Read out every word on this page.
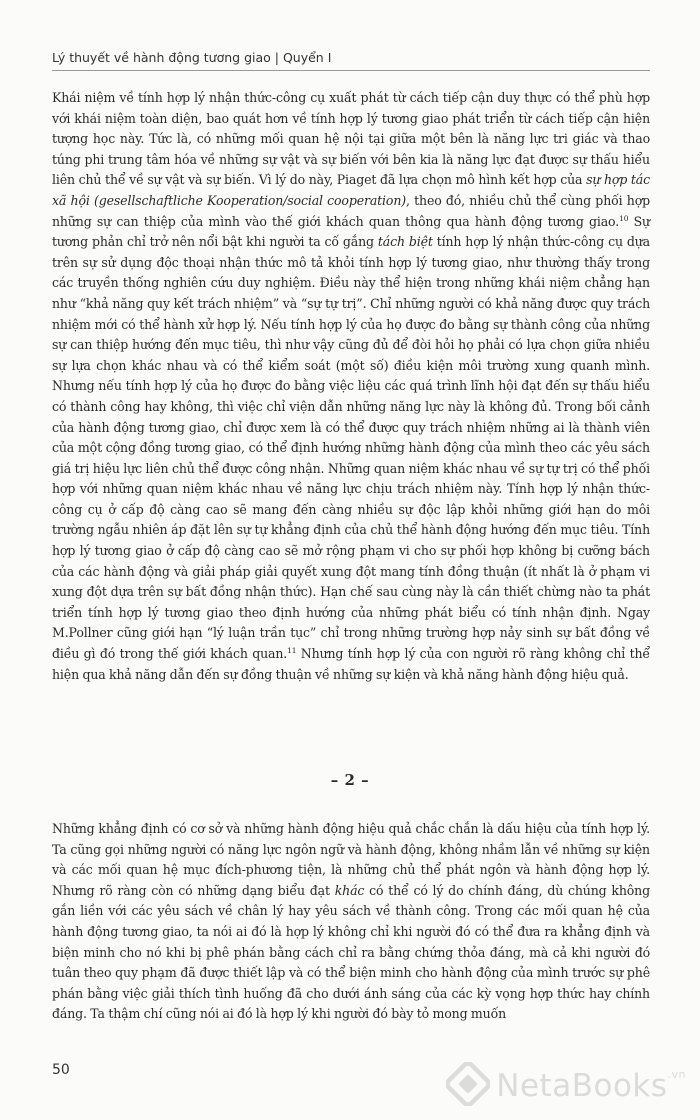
Lý thuyết về hành động tương giao | Quyển I

Khái niệm về tính hợp lý nhận thức-công cụ xuất phát từ cách tiếp cận duy thực có thể phù hợp với khái niệm toàn diện, bao quát hơn về tính hợp lý tương giao phát triển từ cách tiếp cận hiện tượng học này. Tức là, có những mối quan hệ nội tại giữa một bên là năng lực tri giác và thao túng phi trung tâm hóa về những sự vật và sự biến với bên kia là năng lực đạt được sự thấu hiểu liên chủ thể về sự vật và sự biến. Vì lý do này, Piaget đã lựa chọn mô hình kết hợp của sự hợp tác xã hội (gesellschaftliche Kooperation/social cooperation), theo đó, nhiều chủ thể cùng phối hợp những sự can thiệp của mình vào thế giới khách quan thông qua hành động tương giao.$^{10}$ Sự tương phản chỉ trở nên nổi bật khi người ta cố gắng tách biệt tính hợp lý nhận thức-công cụ dựa trên sự sử dụng độc thoại nhận thức mô tả khỏi tính hợp lý tương giao, như thường thấy trong các truyền thống nghiên cứu duy nghiệm. Điều này thể hiện trong những khái niệm chẳng hạn như “khả năng quy kết trách nhiệm” và “sự tự trị”. Chỉ những người có khả năng được quy trách nhiệm mới có thể hành xử hợp lý. Nếu tính hợp lý của họ được đo bằng sự thành công của những sự can thiệp hướng đến mục tiêu, thì như vậy cũng đủ để đòi hỏi họ phải có lựa chọn giữa nhiều sự lựa chọn khác nhau và có thể kiểm soát (một số) điều kiện môi trường xung quanh mình. Nhưng nếu tính hợp lý của họ được đo bằng việc liệu các quá trình lĩnh hội đạt đến sự thấu hiểu có thành công hay không, thì việc chỉ viện dẫn những năng lực này là không đủ. Trong bối cảnh của hành động tương giao, chỉ được xem là có thể được quy trách nhiệm những ai là thành viên của một cộng đồng tương giao, có thể định hướng những hành động của mình theo các yêu sách giá trị hiệu lực liên chủ thể được công nhận. Những quan niệm khác nhau về sự tự trị có thể phối hợp với những quan niệm khác nhau về năng lực chịu trách nhiệm này. Tính hợp lý nhận thức-công cụ ở cấp độ càng cao sẽ mang đến càng nhiều sự độc lập khỏi những giới hạn do môi trường ngẫu nhiên áp đặt lên sự tự khẳng định của chủ thể hành động hướng đến mục tiêu. Tính hợp lý tương giao ở cấp độ càng cao sẽ mở rộng phạm vi cho sự phối hợp không bị cưỡng bách của các hành động và giải pháp giải quyết xung đột mang tính đồng thuận (ít nhất là ở phạm vi xung đột dựa trên sự bất đồng nhận thức). Hạn chế sau cùng này là cần thiết chừng nào ta phát triển tính hợp lý tương giao theo định hướng của những phát biểu có tính nhận định. Ngay M.Pollner cũng giới hạn “lý luận trần tục” chỉ trong những trường hợp nảy sinh sự bất đồng về điều gì đó trong thế giới khách quan.$^{11}$ Nhưng tính hợp lý của con người rõ ràng không chỉ thể hiện qua khả năng dẫn đến sự đồng thuận về những sự kiện và khả năng hành động hiệu quả.

– 2 –

Những khẳng định có cơ sở và những hành động hiệu quả chắc chắn là dấu hiệu của tính hợp lý. Ta cũng gọi những người có năng lực ngôn ngữ và hành động, không nhầm lẫn về những sự kiện và các mối quan hệ mục đích-phương tiện, là những chủ thể phát ngôn và hành động hợp lý. Nhưng rõ ràng còn có những dạng biểu đạt khác có thể có lý do chính đáng, dù chúng không gắn liền với các yêu sách về chân lý hay yêu sách về thành công. Trong các mối quan hệ của hành động tương giao, ta nói ai đó là hợp lý không chỉ khi người đó có thể đưa ra khẳng định và biện minh cho nó khi bị phê phán bằng cách chỉ ra bằng chứng thỏa đáng, mà cả khi người đó tuân theo quy phạm đã được thiết lập và có thể biện minh cho hành động của mình trước sự phê phán bằng việc giải thích tình huống đã cho dưới ánh sáng của các kỳ vọng hợp thức hay chính đáng. Ta thậm chí cũng nói ai đó là hợp lý khi người đó bày tỏ mong muốn

50	NetaBooks$^{.vn}$
